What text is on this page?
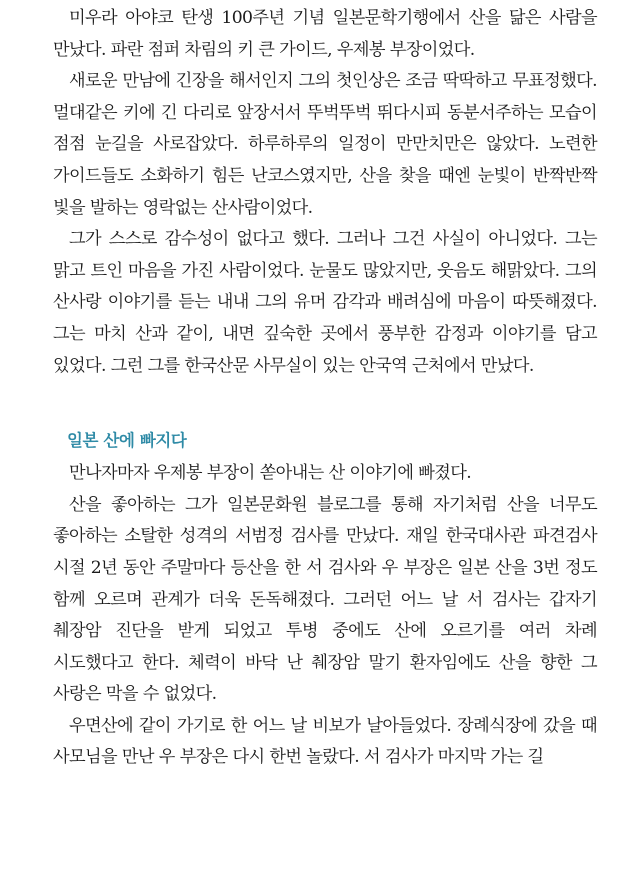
미우라 아야코 탄생 100주년 기념 일본문학기행에서 산을 닮은 사람을 만났다. 파란 점퍼 차림의 키 큰 가이드, 우제봉 부장이었다.

새로운 만남에 긴장을 해서인지 그의 첫인상은 조금 딱딱하고 무표정했다. 멀대같은 키에 긴 다리로 앞장서서 뚜벅뚜벅 뛰다시피 동분서주하는 모습이 점점 눈길을 사로잡았다. 하루하루의 일정이 만만치만은 않았다. 노련한 가이드들도 소화하기 힘든 난코스였지만, 산을 찾을 때엔 눈빛이 반짝반짝 빛을 발하는 영락없는 산사람이었다.

그가 스스로 감수성이 없다고 했다. 그러나 그건 사실이 아니었다. 그는 맑고 트인 마음을 가진 사람이었다. 눈물도 많았지만, 웃음도 해맑았다. 그의 산사랑 이야기를 듣는 내내 그의 유머 감각과 배려심에 마음이 따뜻해졌다. 그는 마치 산과 같이, 내면 깊숙한 곳에서 풍부한 감정과 이야기를 담고 있었다. 그런 그를 한국산문 사무실이 있는 안국역 근처에서 만났다.

일본 산에 빠지다

만나자마자 우제봉 부장이 쏟아내는 산 이야기에 빠졌다.

산을 좋아하는 그가 일본문화원 블로그를 통해 자기처럼 산을 너무도 좋아하는 소탈한 성격의 서범정 검사를 만났다. 재일 한국대사관 파견검사 시절 2년 동안 주말마다 등산을 한 서 검사와 우 부장은 일본 산을 3번 정도 함께 오르며 관계가 더욱 돈독해졌다. 그러던 어느 날 서 검사는 갑자기 췌장암 진단을 받게 되었고 투병 중에도 산에 오르기를 여러 차례 시도했다고 한다. 체력이 바닥 난 췌장암 말기 환자임에도 산을 향한 그 사랑은 막을 수 없었다.

우면산에 같이 가기로 한 어느 날 비보가 날아들었다. 장례식장에 갔을 때 사모님을 만난 우 부장은 다시 한번 놀랐다. 서 검사가 마지막 가는 길
